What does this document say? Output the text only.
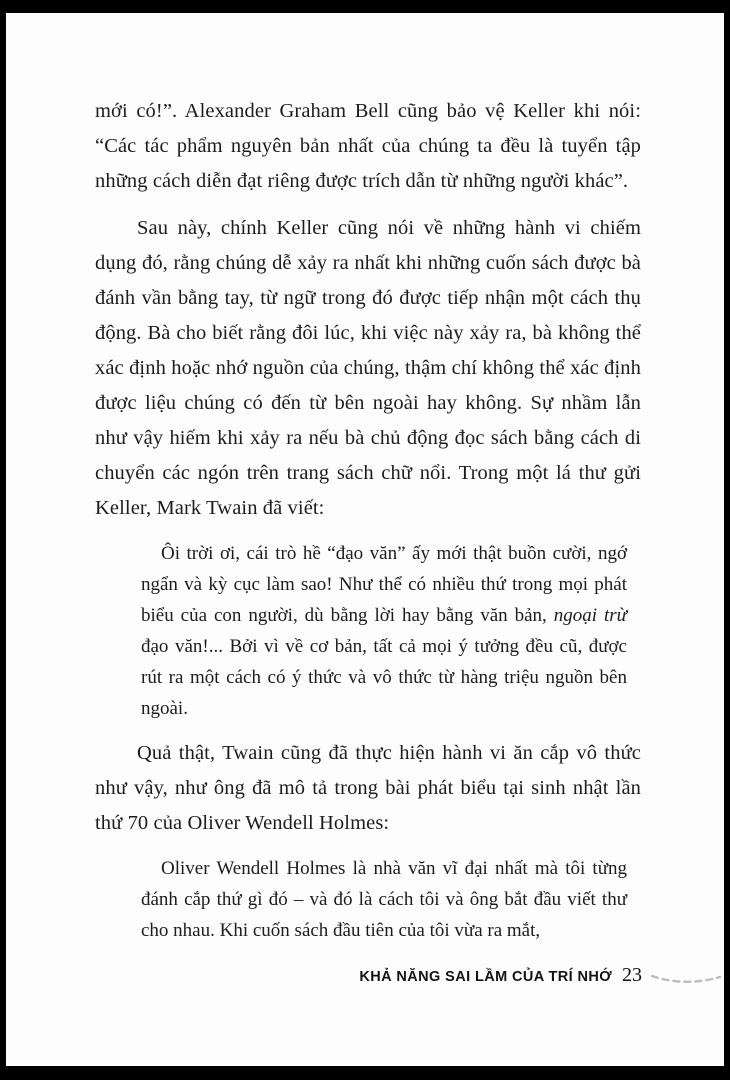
mới có!”. Alexander Graham Bell cũng bảo vệ Keller khi nói: “Các tác phẩm nguyên bản nhất của chúng ta đều là tuyển tập những cách diễn đạt riêng được trích dẫn từ những người khác”.

Sau này, chính Keller cũng nói về những hành vi chiếm dụng đó, rằng chúng dễ xảy ra nhất khi những cuốn sách được bà đánh vần bằng tay, từ ngữ trong đó được tiếp nhận một cách thụ động. Bà cho biết rằng đôi lúc, khi việc này xảy ra, bà không thể xác định hoặc nhớ nguồn của chúng, thậm chí không thể xác định được liệu chúng có đến từ bên ngoài hay không. Sự nhầm lẫn như vậy hiếm khi xảy ra nếu bà chủ động đọc sách bằng cách di chuyển các ngón trên trang sách chữ nổi. Trong một lá thư gửi Keller, Mark Twain đã viết:

Ôi trời ơi, cái trò hề “đạo văn” ấy mới thật buồn cười, ngớ ngẩn và kỳ cục làm sao! Như thể có nhiều thứ trong mọi phát biểu của con người, dù bằng lời hay bằng văn bản, ngoại trừ đạo văn!... Bởi vì về cơ bản, tất cả mọi ý tưởng đều cũ, được rút ra một cách có ý thức và vô thức từ hàng triệu nguồn bên ngoài.

Quả thật, Twain cũng đã thực hiện hành vi ăn cắp vô thức như vậy, như ông đã mô tả trong bài phát biểu tại sinh nhật lần thứ 70 của Oliver Wendell Holmes:

Oliver Wendell Holmes là nhà văn vĩ đại nhất mà tôi từng đánh cắp thứ gì đó – và đó là cách tôi và ông bắt đầu viết thư cho nhau. Khi cuốn sách đầu tiên của tôi vừa ra mắt,
KHẢ NĂNG SAI LẦM CỦA TRÍ NHỚ 23
